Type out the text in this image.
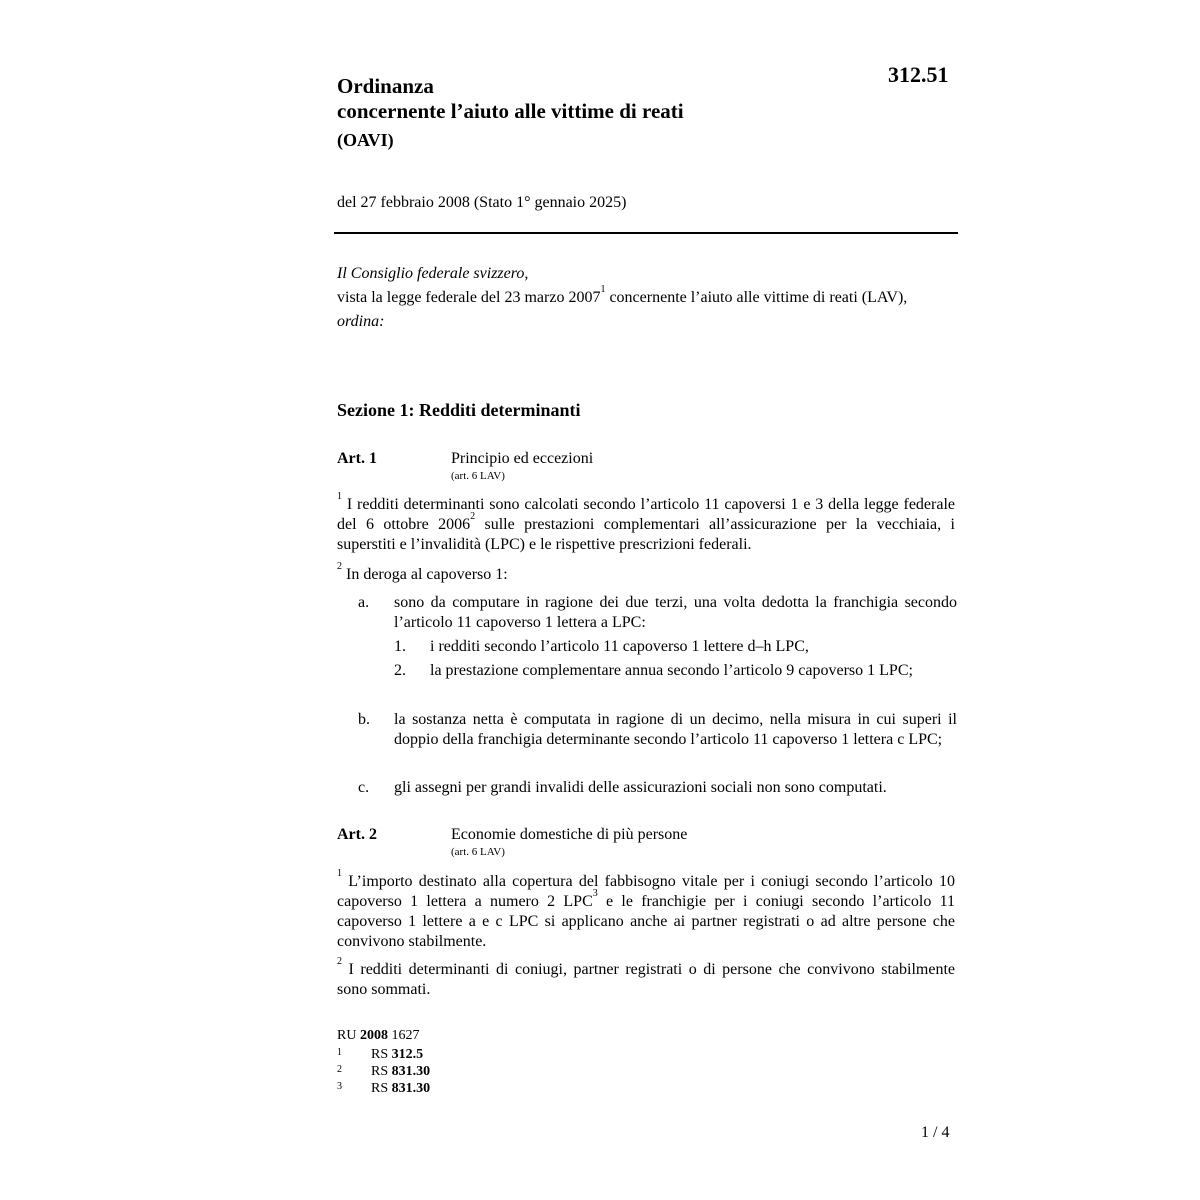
312.51
Ordinanza
concernente l’aiuto alle vittime di reati
(OAVI)
del 27 febbraio 2008 (Stato 1° gennaio 2025)

Il Consiglio federale svizzero,

vista la legge federale del 23 marzo 2007$^1$ concernente l’aiuto alle vittime di reati (LAV),

ordina:

Sezione 1: Redditi determinanti
Art. 1	Principio ed eccezioni
(art. 6 LAV)
$^1$ I redditi determinanti sono calcolati secondo l’articolo 11 capoversi 1 e 3 della legge federale del 6 ottobre 2006$^2$ sulle prestazioni complementari all’assicurazione per la vecchiaia, i superstiti e l’invalidità (LPC) e le rispettive prescrizioni federali.
$^2$ In deroga al capoverso 1:
a. sono da computare in ragione dei due terzi, una volta dedotta la franchigia secondo l’articolo 11 capoverso 1 lettera a LPC:
1. i redditi secondo l’articolo 11 capoverso 1 lettere d–h LPC,
2. la prestazione complementare annua secondo l’articolo 9 capoverso 1 LPC;
b. la sostanza netta è computata in ragione di un decimo, nella misura in cui superi il doppio della franchigia determinante secondo l’articolo 11 capoverso 1 lettera c LPC;
c. gli assegni per grandi invalidi delle assicurazioni sociali non sono computati.
Art. 2	Economie domestiche di più persone
(art. 6 LAV)
$^1$ L’importo destinato alla copertura del fabbisogno vitale per i coniugi secondo l’articolo 10 capoverso 1 lettera a numero 2 LPC$^3$ e le franchigie per i coniugi secondo l’articolo 11 capoverso 1 lettere a e c LPC si applicano anche ai partner registrati o ad altre persone che convivono stabilmente.
$^2$ I redditi determinanti di coniugi, partner registrati o di persone che convivono stabilmente sono sommati.
RU 2008 1627
1 RS 312.5
2 RS 831.30
3 RS 831.30
1 / 4
